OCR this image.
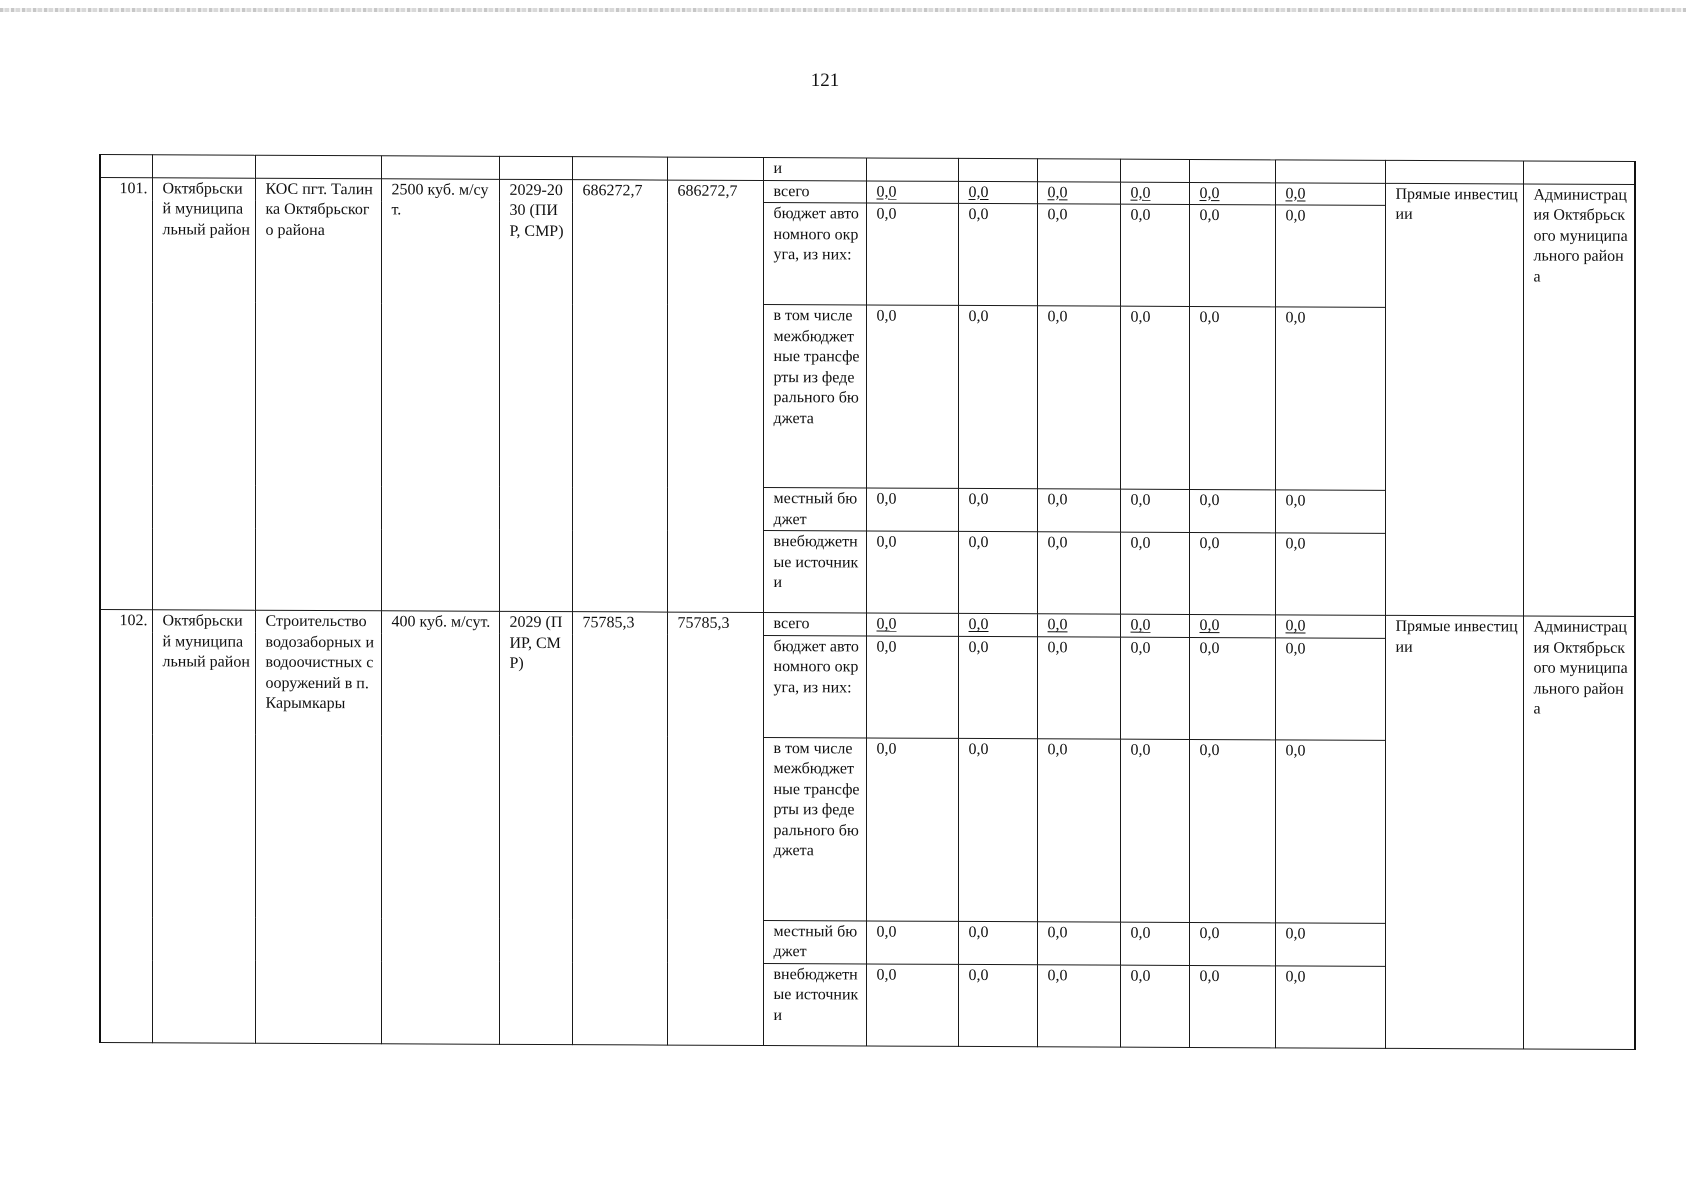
121
							и								
101.	Октябрьский муниципальный район	КОС пгт. Талинка Октябрьского района	2500 куб. м/сут.	2029-2030 (ПИР, СМР)	686272,7	686272,7	всего	0,0	0,0	0,0	0,0	0,0	0,0	Прямые инвестиции	Администрация Октябрьского муниципального района
							бюджет автономного округа, из них:	0,0	0,0	0,0	0,0	0,0	0,0		
							в том числе межбюджетные трансферты из федерального бюджета	0,0	0,0	0,0	0,0	0,0	0,0		
							местный бюджет	0,0	0,0	0,0	0,0	0,0	0,0		
							внебюджетные источники	0,0	0,0	0,0	0,0	0,0	0,0		
102.	Октябрьский муниципальный район	Строительство водозаборных и водоочистных сооружений в п. Карымкары	400 куб. м/сут.	2029 (ПИР, СМР)	75785,3	75785,3	всего	0,0	0,0	0,0	0,0	0,0	0,0	Прямые инвестиции	Администрация Октябрьского муниципального района
							бюджет автономного округа, из них:	0,0	0,0	0,0	0,0	0,0	0,0		
							в том числе межбюджетные трансферты из федерального бюджета	0,0	0,0	0,0	0,0	0,0	0,0		
							местный бюджет	0,0	0,0	0,0	0,0	0,0	0,0		
							внебюджетные источники	0,0	0,0	0,0	0,0	0,0	0,0		
